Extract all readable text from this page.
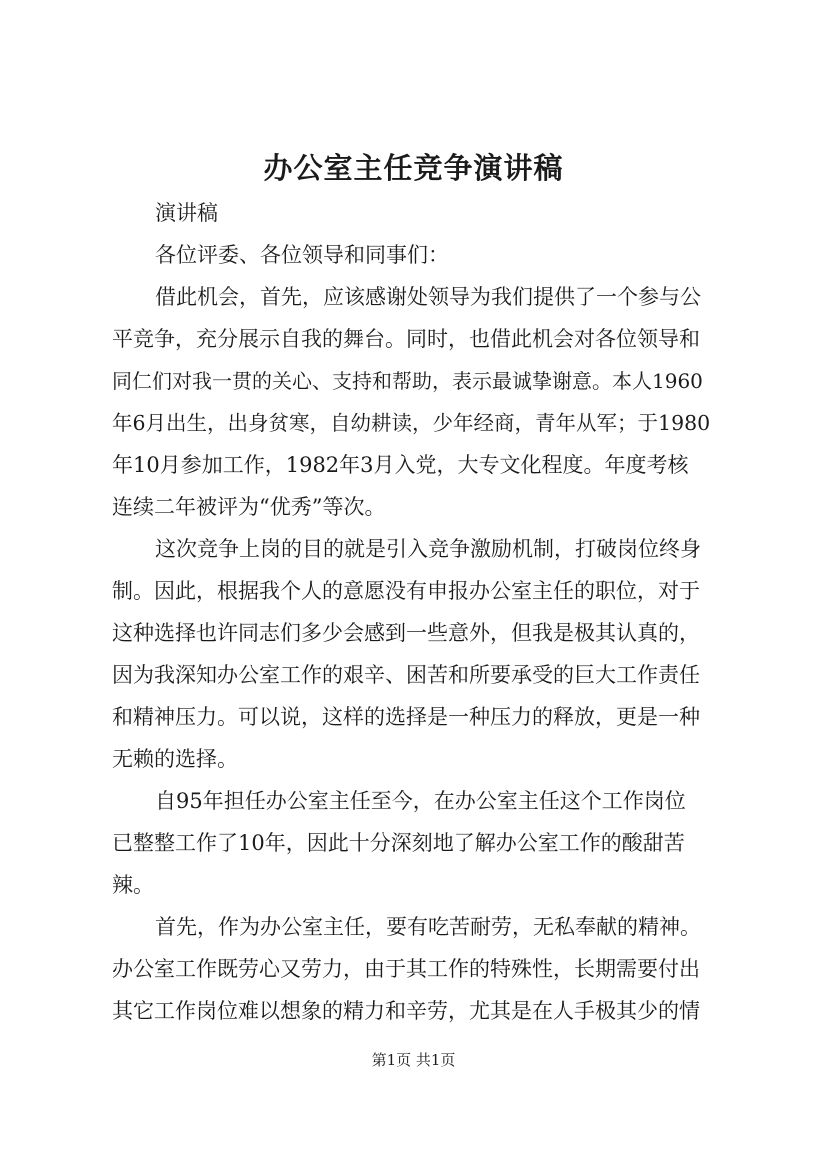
办公室主任竞争演讲稿

演讲稿

各位评委、各位领导和同事们：

借此机会，首先，应该感谢处领导为我们提供了一个参与公

平竞争，充分展示自我的舞台。同时，也借此机会对各位领导和

同仁们对我一贯的关心、支持和帮助，表示最诚挚谢意。本人1960

年6月出生，出身贫寒，自幼耕读，少年经商，青年从军；于1980

年10月参加工作，1982年3月入党，大专文化程度。年度考核

连续二年被评为“优秀”等次。

这次竞争上岗的目的就是引入竞争激励机制，打破岗位终身

制。因此，根据我个人的意愿没有申报办公室主任的职位，对于

这种选择也许同志们多少会感到一些意外，但我是极其认真的，

因为我深知办公室工作的艰辛、困苦和所要承受的巨大工作责任

和精神压力。可以说，这样的选择是一种压力的释放，更是一种

无赖的选择。

自95年担任办公室主任至今，在办公室主任这个工作岗位

已整整工作了10年，因此十分深刻地了解办公室工作的酸甜苦

辣。

首先，作为办公室主任，要有吃苦耐劳，无私奉献的精神。

办公室工作既劳心又劳力，由于其工作的特殊性，长期需要付出

其它工作岗位难以想象的精力和辛劳，尤其是在人手极其少的情

第1页 共1页
